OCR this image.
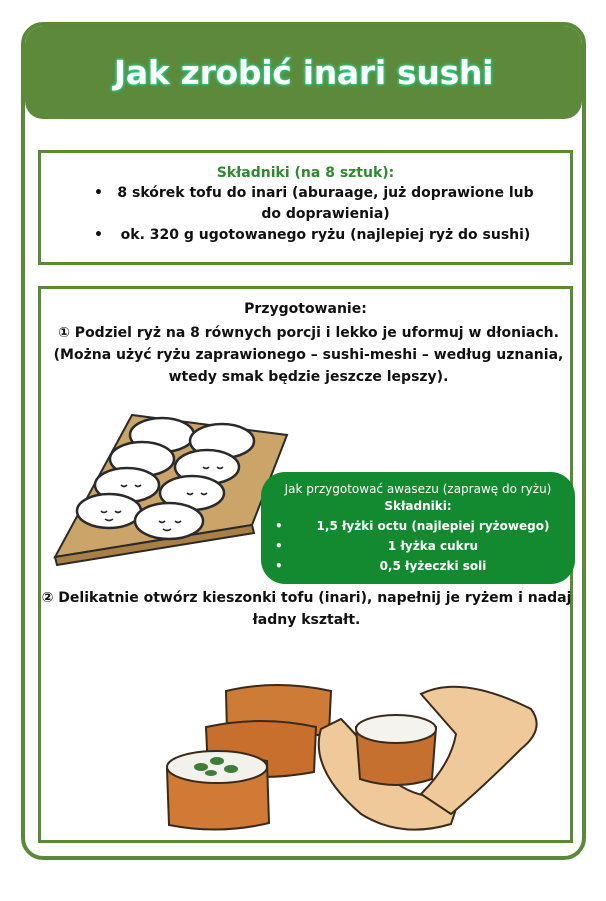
Jak zrobić inari sushi
Składniki (na 8 sztuk):
• 8 skórek tofu do inari (aburaage, już doprawione lub do doprawienia)
• ok. 320 g ugotowanego ryżu (najlepiej ryż do sushi)
Przygotowanie:
① Podziel ryż na 8 równych porcji i lekko je uformuj w dłoniach. (Można użyć ryżu zaprawionego – sushi-meshi – według uznania, wtedy smak będzie jeszcze lepszy).
Jak przygotować awasezu (zaprawę do ryżu)
Składniki:
• 1,5 łyżki octu (najlepiej ryżowego)
• 1 łyżka cukru
• 0,5 łyżeczki soli
② Delikatnie otwórz kieszonki tofu (inari), napełnij je ryżem i nadaj ładny kształt.
